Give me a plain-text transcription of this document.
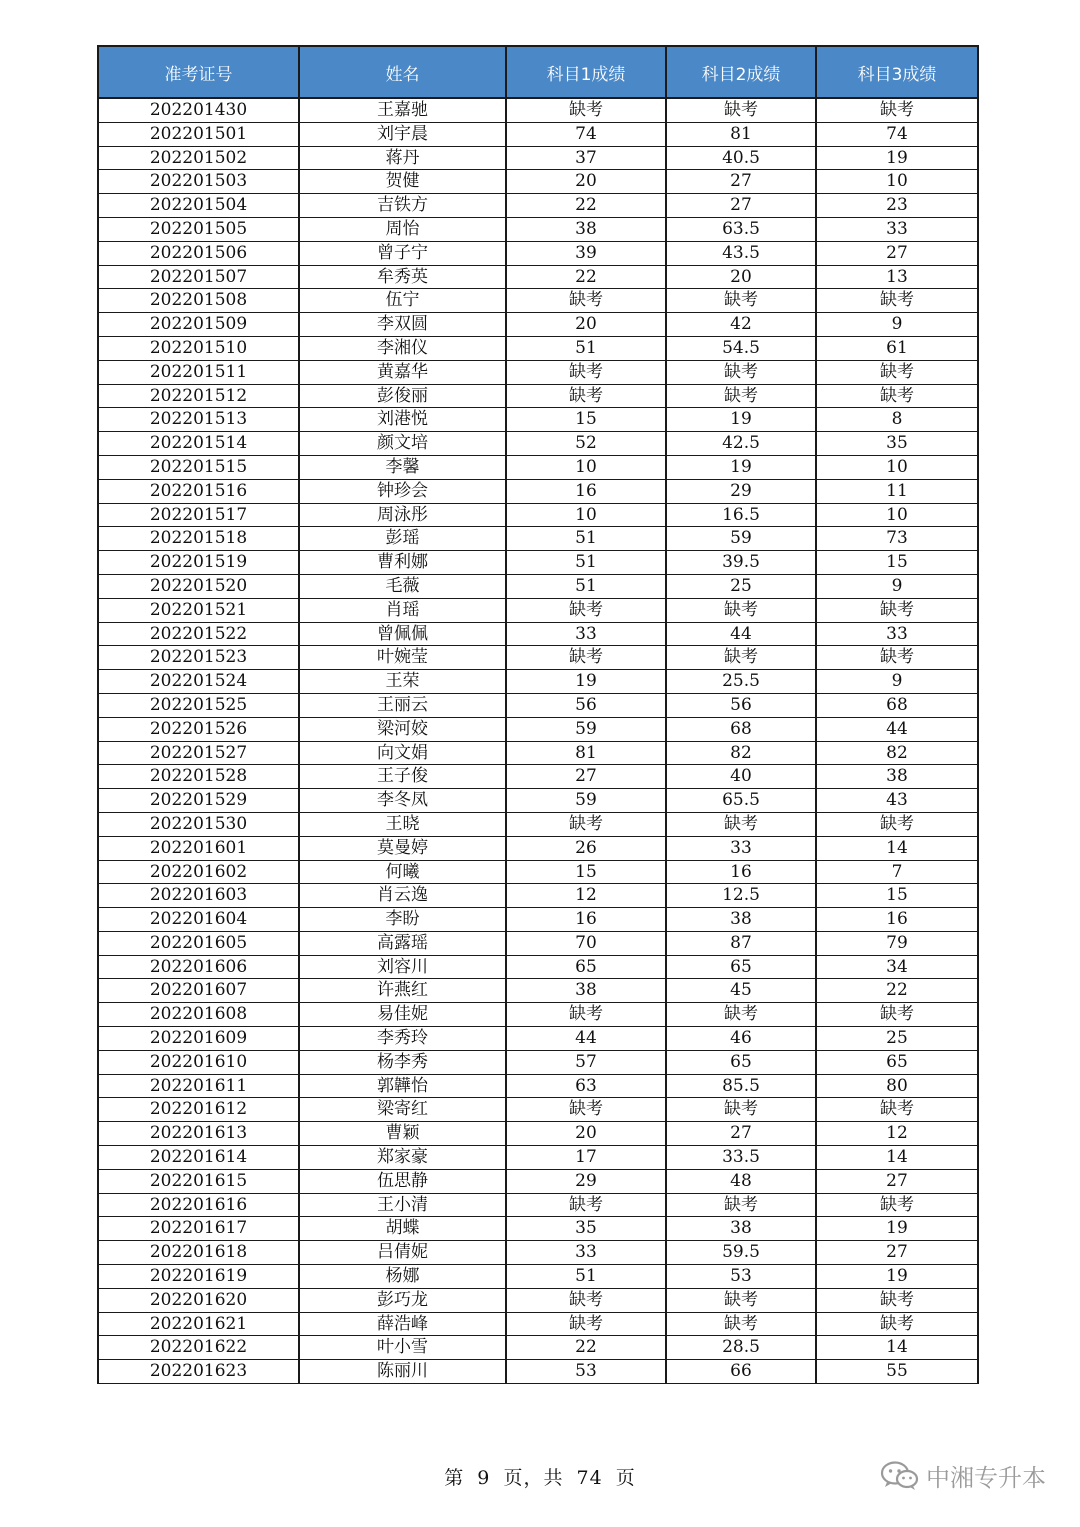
准考证号	姓名	科目1成绩	科目2成绩	科目3成绩
202201430	王嘉驰	缺考	缺考	缺考
202201501	刘宇晨	74	81	74
202201502	蒋丹	37	40.5	19
202201503	贺健	20	27	10
202201504	吉铁方	22	27	23
202201505	周怡	38	63.5	33
202201506	曾子宁	39	43.5	27
202201507	牟秀英	22	20	13
202201508	伍宁	缺考	缺考	缺考
202201509	李双圆	20	42	9
202201510	李湘仪	51	54.5	61
202201511	黄嘉华	缺考	缺考	缺考
202201512	彭俊丽	缺考	缺考	缺考
202201513	刘港悦	15	19	8
202201514	颜文培	52	42.5	35
202201515	李馨	10	19	10
202201516	钟珍会	16	29	11
202201517	周泳彤	10	16.5	10
202201518	彭瑶	51	59	73
202201519	曹利娜	51	39.5	15
202201520	毛薇	51	25	9
202201521	肖瑶	缺考	缺考	缺考
202201522	曾佩佩	33	44	33
202201523	叶婉莹	缺考	缺考	缺考
202201524	王荣	19	25.5	9
202201525	王丽云	56	56	68
202201526	梁河姣	59	68	44
202201527	向文娟	81	82	82
202201528	王子俊	27	40	38
202201529	李冬凤	59	65.5	43
202201530	王晓	缺考	缺考	缺考
202201601	莫曼婷	26	33	14
202201602	何曦	15	16	7
202201603	肖云逸	12	12.5	15
202201604	李盼	16	38	16
202201605	高露瑶	70	87	79
202201606	刘容川	65	65	34
202201607	许燕红	38	45	22
202201608	易佳妮	缺考	缺考	缺考
202201609	李秀玲	44	46	25
202201610	杨李秀	57	65	65
202201611	郭韡怡	63	85.5	80
202201612	梁寄红	缺考	缺考	缺考
202201613	曹颖	20	27	12
202201614	郑家豪	17	33.5	14
202201615	伍思静	29	48	27
202201616	王小清	缺考	缺考	缺考
202201617	胡蝶	35	38	19
202201618	吕倩妮	33	59.5	27
202201619	杨娜	51	53	19
202201620	彭巧龙	缺考	缺考	缺考
202201621	薛浩峰	缺考	缺考	缺考
202201622	叶小雪	22	28.5	14
202201623	陈丽川	53	66	55
第 9 页，共 74 页	中湘专升本
